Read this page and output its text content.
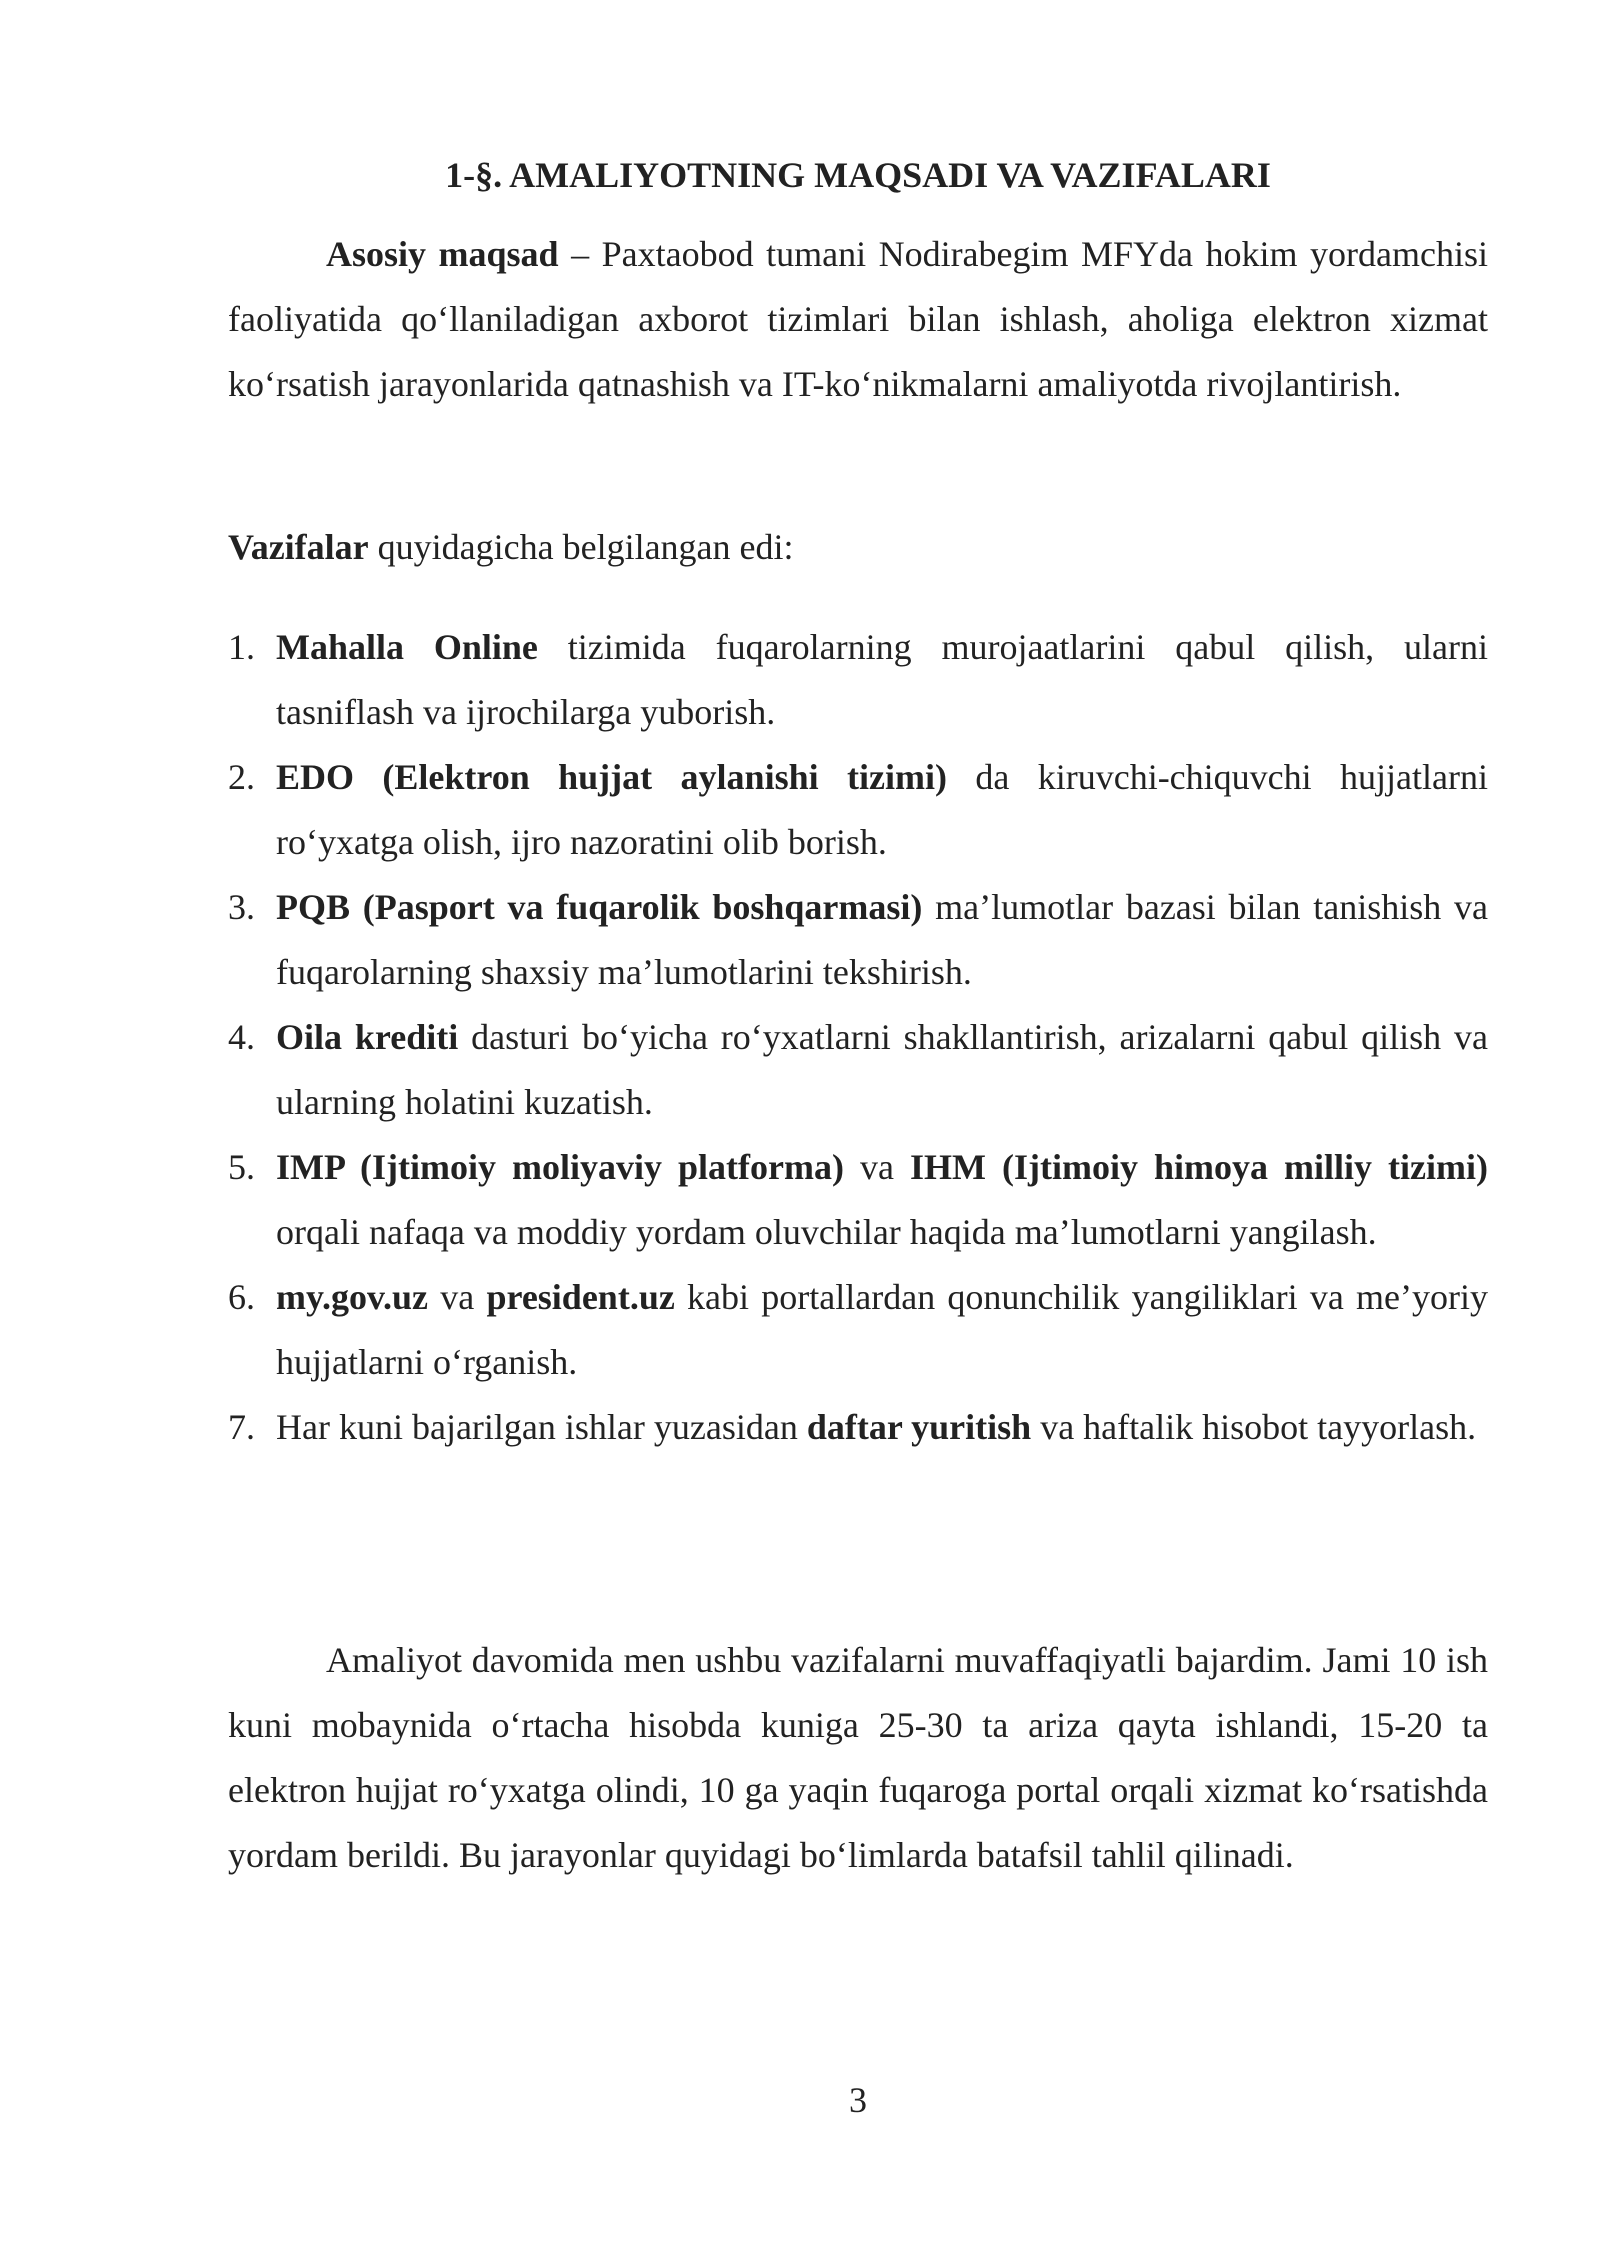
1-§. AMALIYOTNING MAQSADI VA VAZIFALARI

Asosiy maqsad – Paxtaobod tumani Nodirabegim MFYda hokim yordamchisi faoliyatida qo‘llaniladigan axborot tizimlari bilan ishlash, aholiga elektron xizmat ko‘rsatish jarayonlarida qatnashish va IT-ko‘nikmalarni amaliyotda rivojlantirish.

Vazifalar quyidagicha belgilangan edi:

1. Mahalla Online tizimida fuqarolarning murojaatlarini qabul qilish, ularni tasniflash va ijrochilarga yuborish.
2. EDO (Elektron hujjat aylanishi tizimi) da kiruvchi-chiquvchi hujjatlarni ro‘yxatga olish, ijro nazoratini olib borish.
3. PQB (Pasport va fuqarolik boshqarmasi) ma’lumotlar bazasi bilan tanishish va fuqarolarning shaxsiy ma’lumotlarini tekshirish.
4. Oila krediti dasturi bo‘yicha ro‘yxatlarni shakllantirish, arizalarni qabul qilish va ularning holatini kuzatish.
5. IMP (Ijtimoiy moliyaviy platforma) va IHM (Ijtimoiy himoya milliy tizimi) orqali nafaqa va moddiy yordam oluvchilar haqida ma’lumotlarni yangilash.
6. my.gov.uz va president.uz kabi portallardan qonunchilik yangiliklari va me’yoriy hujjatlarni o‘rganish.
7. Har kuni bajarilgan ishlar yuzasidan daftar yuritish va haftalik hisobot tayyorlash.

Amaliyot davomida men ushbu vazifalarni muvaffaqiyatli bajardim. Jami 10 ish kuni mobaynida o‘rtacha hisobda kuniga 25-30 ta ariza qayta ishlandi, 15-20 ta elektron hujjat ro‘yxatga olindi, 10 ga yaqin fuqaroga portal orqali xizmat ko‘rsatishda yordam berildi. Bu jarayonlar quyidagi bo‘limlarda batafsil tahlil qilinadi.

3
